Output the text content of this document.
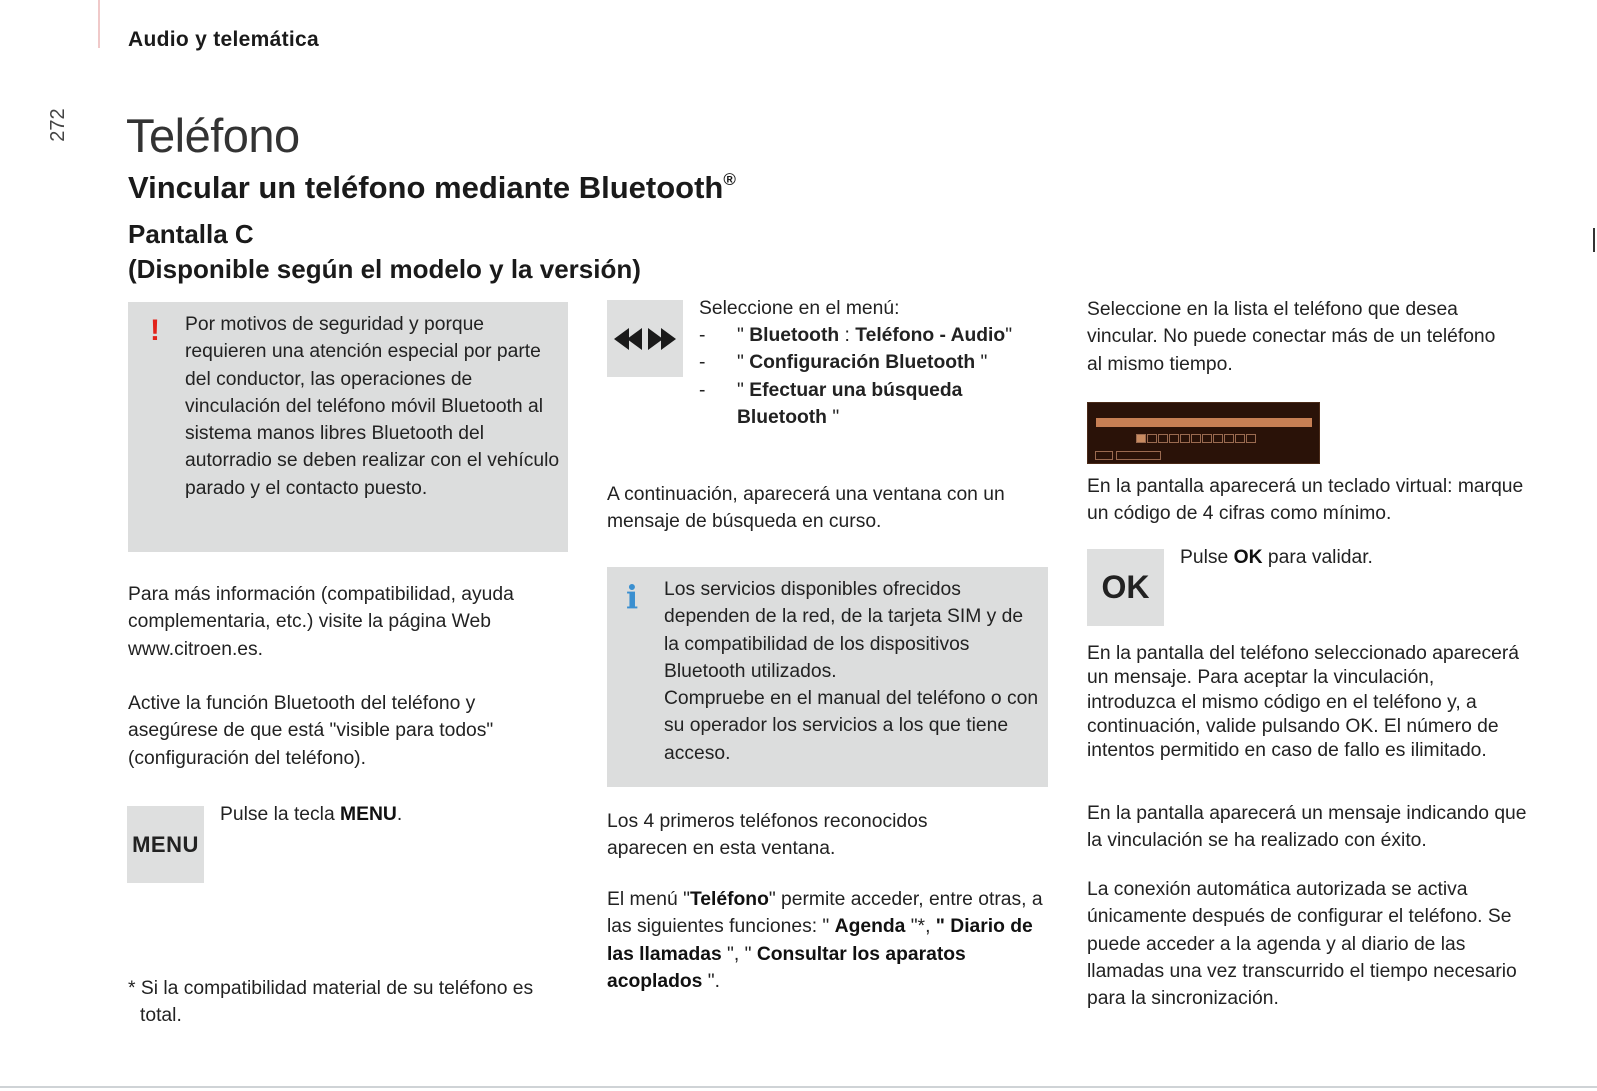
Audio y telemática
272 Teléfono
Vincular un teléfono mediante Bluetooth®
Pantalla C
(Disponible según el modelo y la versión)
! Por motivos de seguridad y porque requieren una atención especial por parte del conductor, las operaciones de vinculación del teléfono móvil Bluetooth al sistema manos libres Bluetooth del autorradio se deben realizar con el vehículo parado y el contacto puesto.
Para más información (compatibilidad, ayuda complementaria, etc.) visite la página Web www.citroen.es.
Active la función Bluetooth del teléfono y asegúrese de que está "visible para todos" (configuración del teléfono).
MENU
Pulse la tecla MENU.
* Si la compatibilidad material de su teléfono es total.
Seleccione en el menú:
- " Bluetooth : Teléfono - Audio"
- " Configuración Bluetooth "
- " Efectuar una búsqueda Bluetooth "
A continuación, aparecerá una ventana con un mensaje de búsqueda en curso.
i Los servicios disponibles ofrecidos dependen de la red, de la tarjeta SIM y de la compatibilidad de los dispositivos Bluetooth utilizados.
Compruebe en el manual del teléfono o con su operador los servicios a los que tiene acceso.
Los 4 primeros teléfonos reconocidos aparecen en esta ventana.
El menú "Teléfono" permite acceder, entre otras, a las siguientes funciones: " Agenda "*, " Diario de las llamadas ", " Consultar los aparatos acoplados ".
Seleccione en la lista el teléfono que desea vincular. No puede conectar más de un teléfono al mismo tiempo.
En la pantalla aparecerá un teclado virtual: marque un código de 4 cifras como mínimo.
OK
Pulse OK para validar.
En la pantalla del teléfono seleccionado aparecerá un mensaje. Para aceptar la vinculación, introduzca el mismo código en el teléfono y, a continuación, valide pulsando OK. El número de intentos permitido en caso de fallo es ilimitado.
En la pantalla aparecerá un mensaje indicando que la vinculación se ha realizado con éxito.
La conexión automática autorizada se activa únicamente después de configurar el teléfono. Se puede acceder a la agenda y al diario de las llamadas una vez transcurrido el tiempo necesario para la sincronización.
